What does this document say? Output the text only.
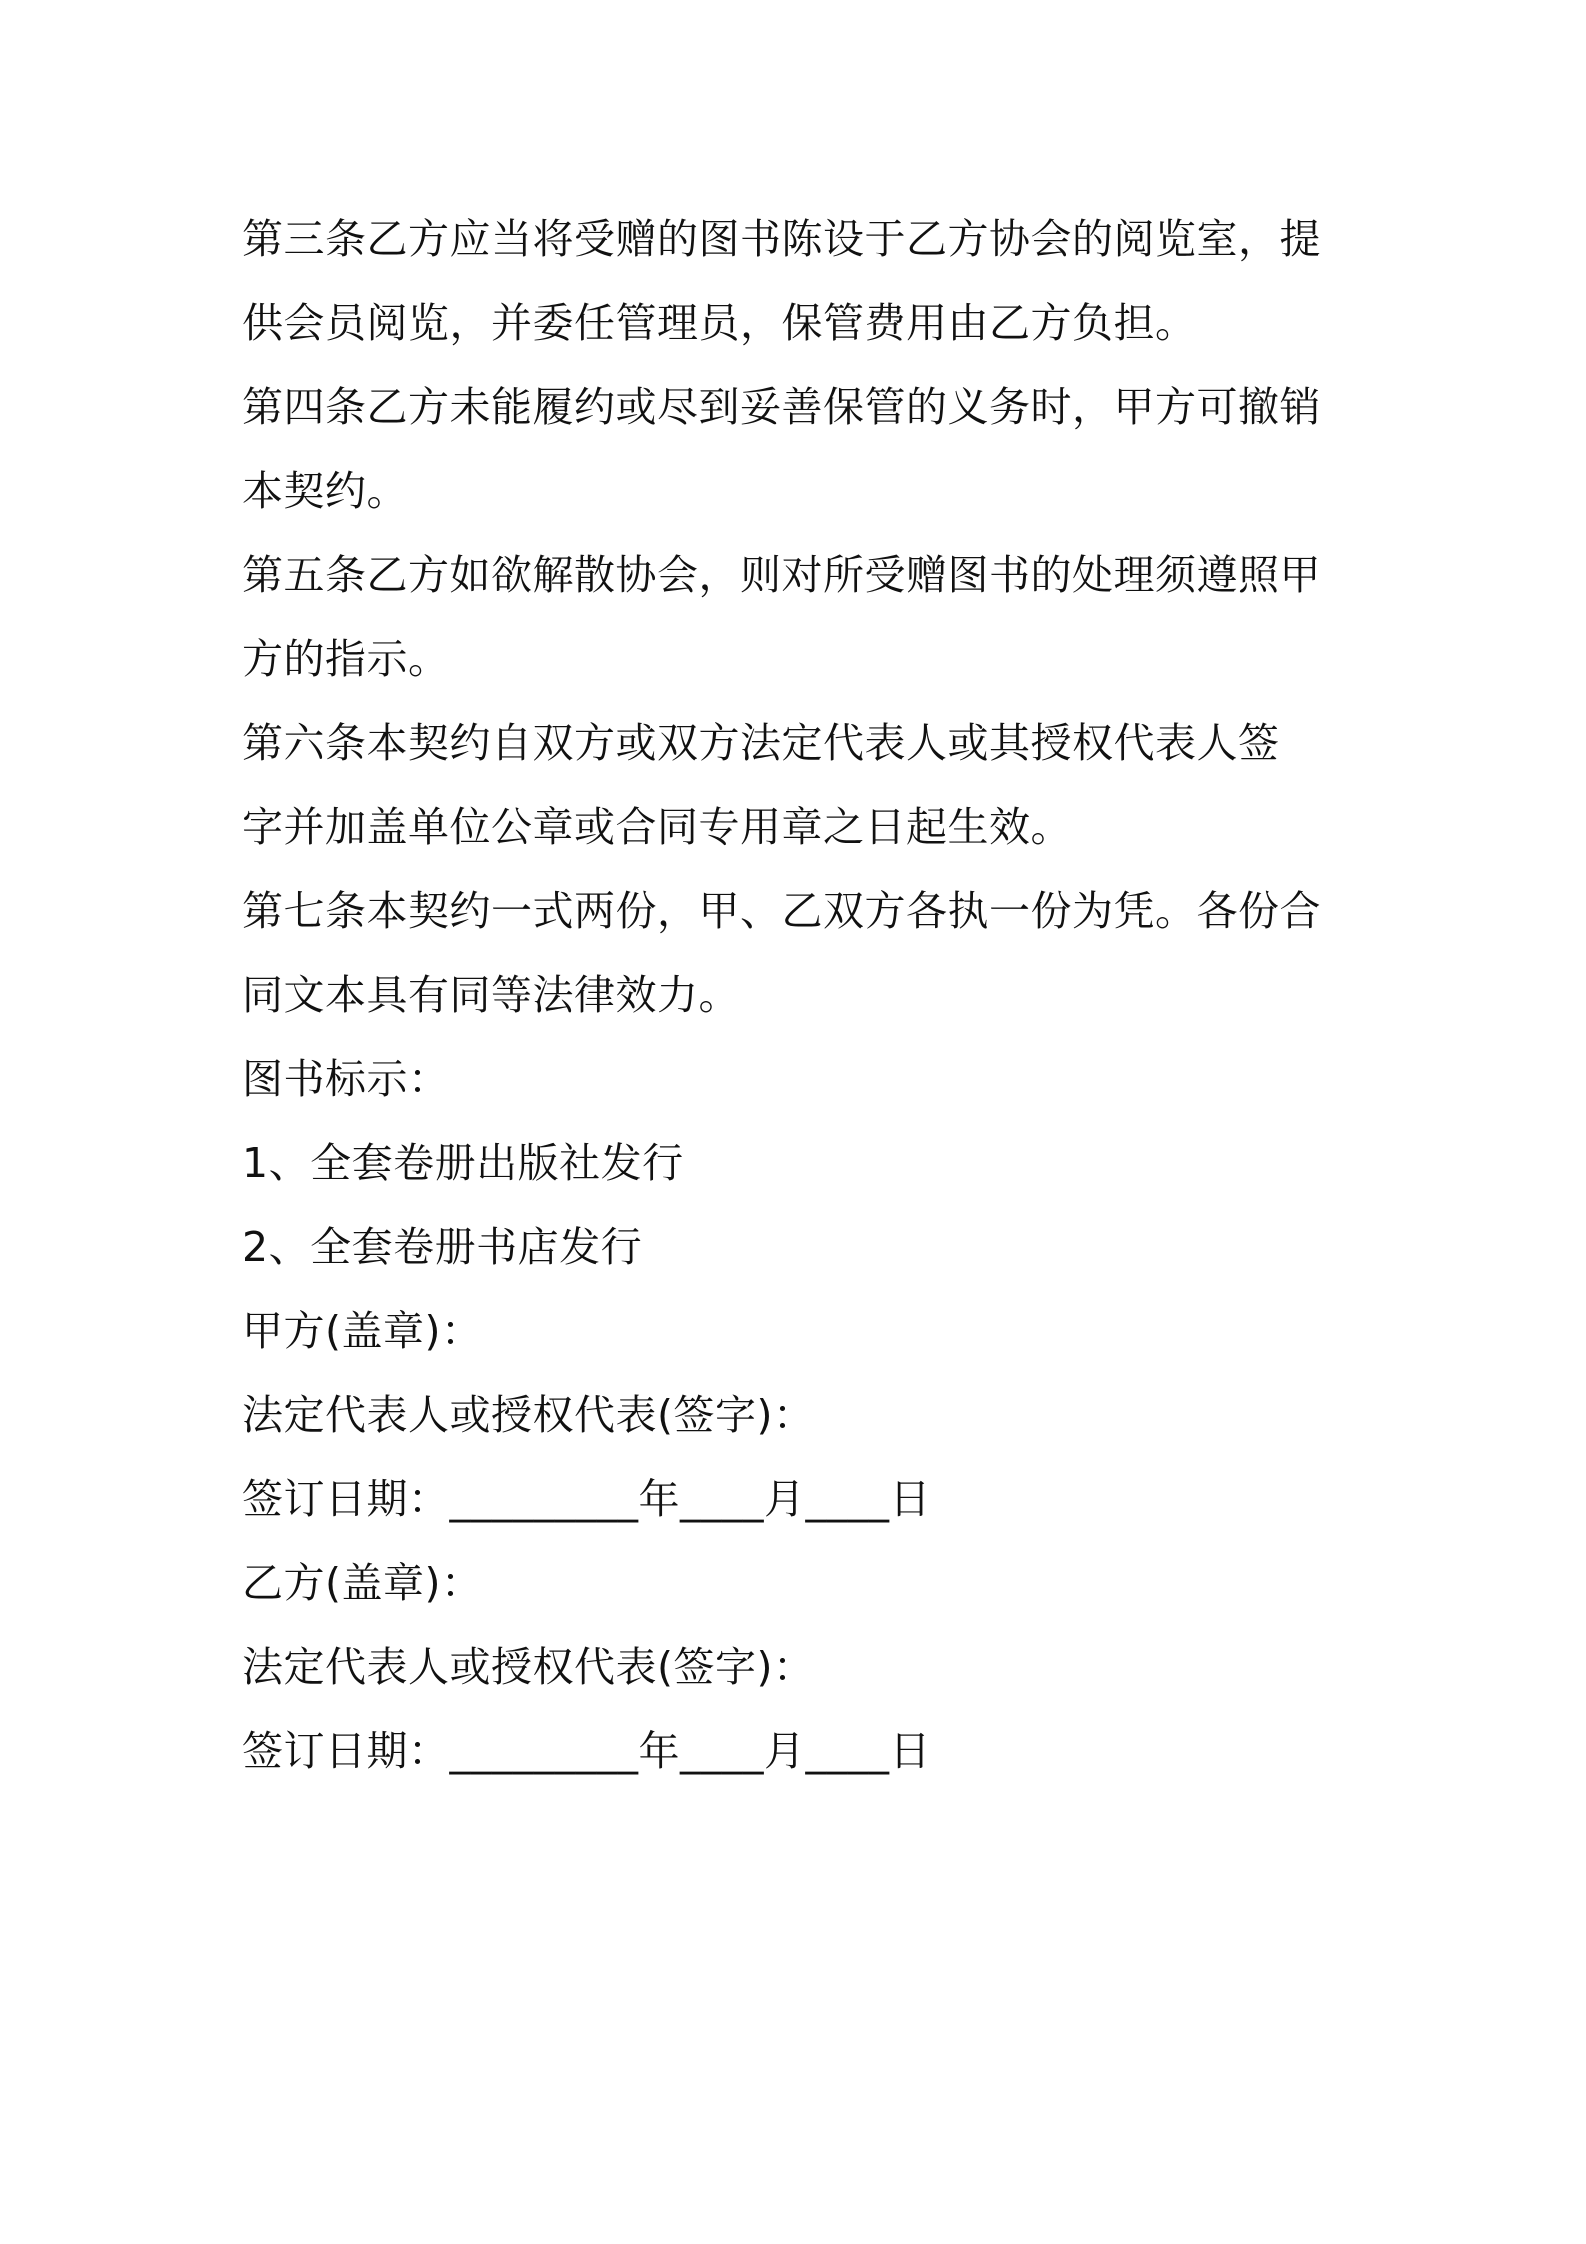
第三条乙方应当将受赠的图书陈设于乙方协会的阅览室，提
供会员阅览，并委任管理员，保管费用由乙方负担。
第四条乙方未能履约或尽到妥善保管的义务时，甲方可撤销
本契约。
第五条乙方如欲解散协会，则对所受赠图书的处理须遵照甲
方的指示。
第六条本契约自双方或双方法定代表人或其授权代表人签
字并加盖单位公章或合同专用章之日起生效。
第七条本契约一式两份，甲、乙双方各执一份为凭。各份合
同文本具有同等法律效力。
图书标示：
1、全套卷册出版社发行
2、全套卷册书店发行
甲方(盖章)：
法定代表人或授权代表(签字)：
签订日期：_________年____月____日
乙方(盖章)：
法定代表人或授权代表(签字)：
签订日期：_________年____月____日
